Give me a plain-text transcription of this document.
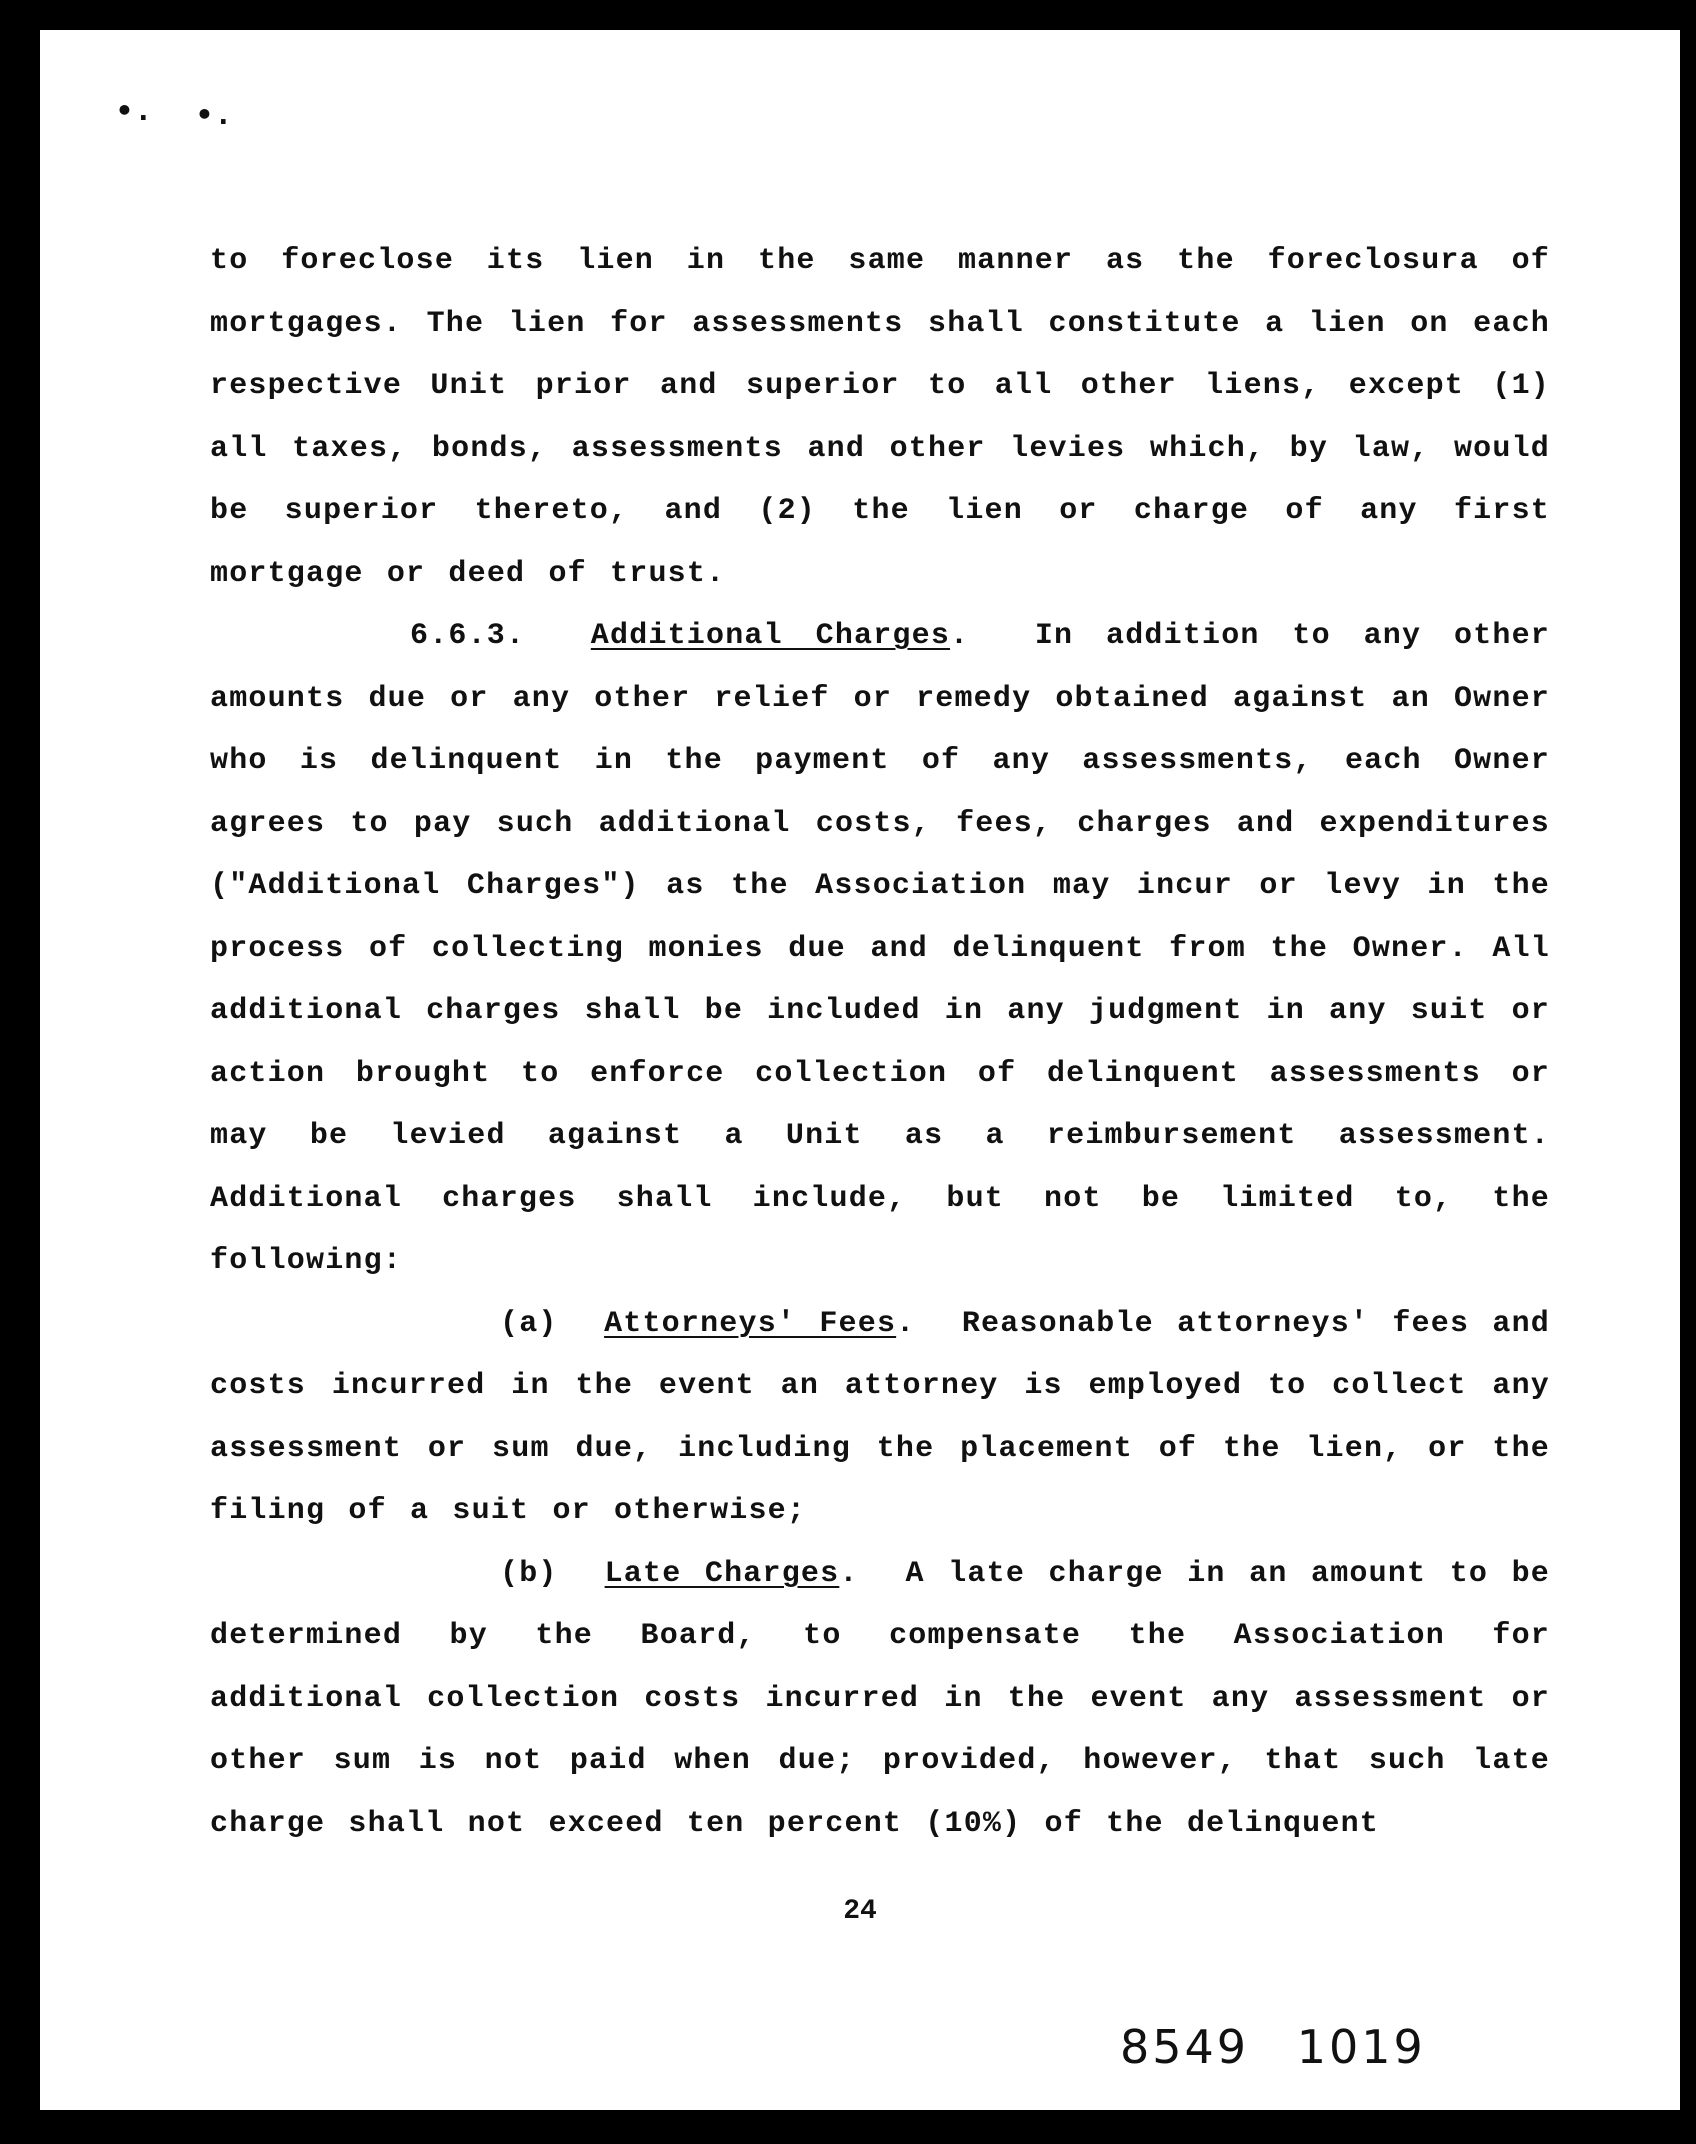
•. •.

to foreclose its lien in the same manner as the foreclosura of mortgages. The lien for assessments shall constitute a lien on each respective Unit prior and superior to all other liens, except (1) all taxes, bonds, assessments and other levies which, by law, would be superior thereto, and (2) the lien or charge of any first mortgage or deed of trust.

6.6.3. Additional Charges. In addition to any other amounts due or any other relief or remedy obtained against an Owner who is delinquent in the payment of any assessments, each Owner agrees to pay such additional costs, fees, charges and expenditures ("Additional Charges") as the Association may incur or levy in the process of collecting monies due and delinquent from the Owner. All additional charges shall be included in any judgment in any suit or action brought to enforce collection of delinquent assessments or may be levied against a Unit as a reimbursement assessment. Additional charges shall include, but not be limited to, the following:

(a) Attorneys' Fees. Reasonable attorneys' fees and costs incurred in the event an attorney is employed to collect any assessment or sum due, including the placement of the lien, or the filing of a suit or otherwise;

(b) Late Charges. A late charge in an amount to be determined by the Board, to compensate the Association for additional collection costs incurred in the event any assessment or other sum is not paid when due; provided, however, that such late charge shall not exceed ten percent (10%) of the delinquent

24
8549 1019
